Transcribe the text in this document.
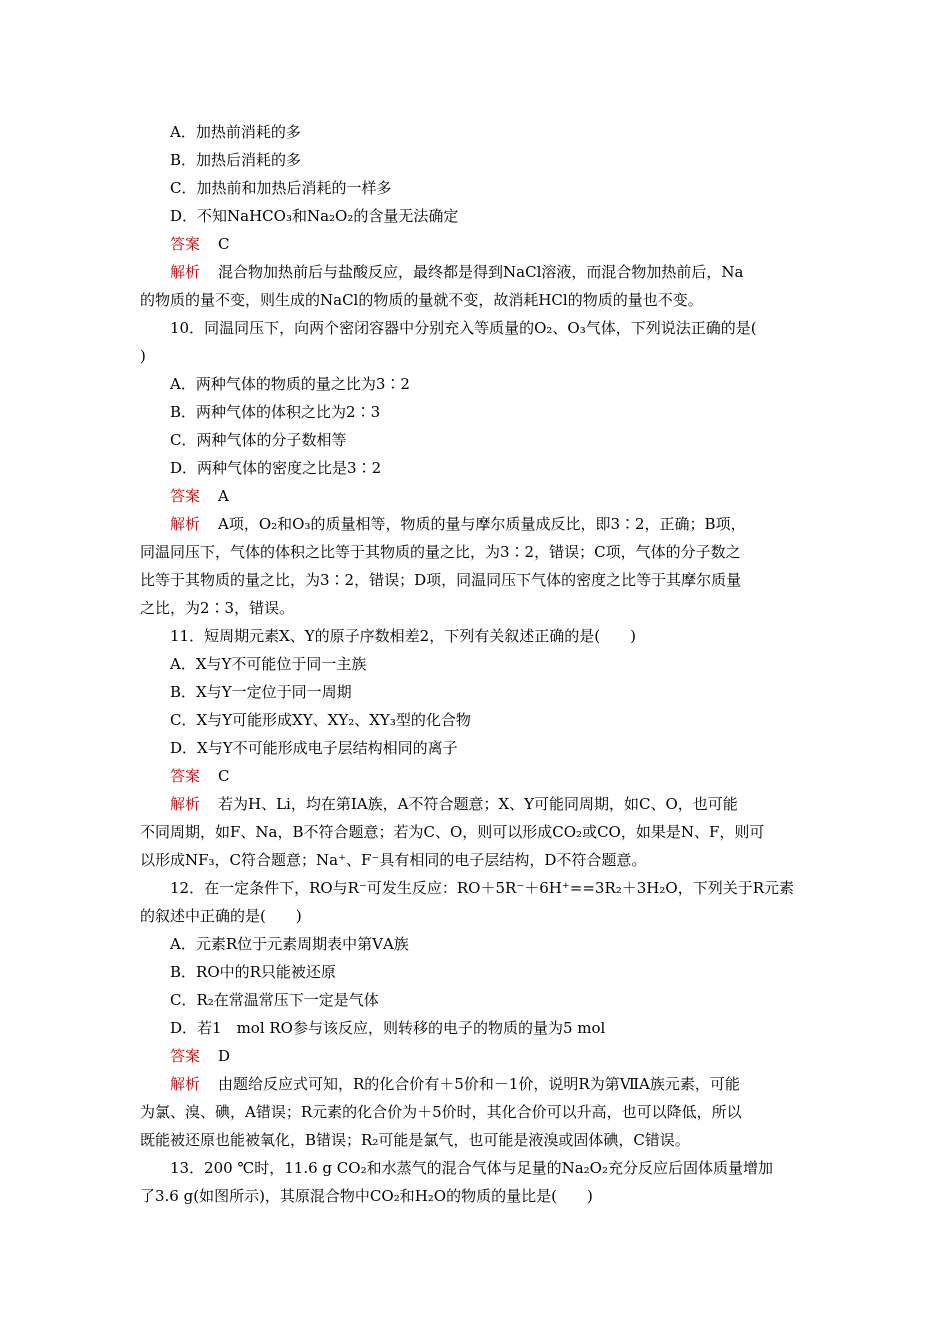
A．加热前消耗的多
B．加热后消耗的多
C．加热前和加热后消耗的一样多
D．不知NaHCO₃和Na₂O₂的含量无法确定
答案 C
解析 混合物加热前后与盐酸反应，最终都是得到NaCl溶液，而混合物加热前后，Na
的物质的量不变，则生成的NaCl的物质的量就不变，故消耗HCl的物质的量也不变。
10．同温同压下，向两个密闭容器中分别充入等质量的O₂、O₃气体，下列说法正确的是(
)
A．两种气体的物质的量之比为3∶2
B．两种气体的体积之比为2∶3
C．两种气体的分子数相等
D．两种气体的密度之比是3∶2
答案 A
解析 A项，O₂和O₃的质量相等，物质的量与摩尔质量成反比，即3∶2，正确；B项，
同温同压下，气体的体积之比等于其物质的量之比，为3∶2，错误；C项，气体的分子数之
比等于其物质的量之比，为3∶2，错误；D项，同温同压下气体的密度之比等于其摩尔质量
之比，为2∶3，错误。
11．短周期元素X、Y的原子序数相差2，下列有关叙述正确的是(　　)
A．X与Y不可能位于同一主族
B．X与Y一定位于同一周期
C．X与Y可能形成XY、XY₂、XY₃型的化合物
D．X与Y不可能形成电子层结构相同的离子
答案 C
解析 若为H、Li，均在第ⅠA族，A不符合题意；X、Y可能同周期，如C、O，也可能
不同周期，如F、Na，B不符合题意；若为C、O，则可以形成CO₂或CO，如果是N、F，则可
以形成NF₃，C符合题意；Na⁺、F⁻具有相同的电子层结构，D不符合题意。
12．在一定条件下，RO与R⁻可发生反应：RO＋5R⁻＋6H⁺==3R₂＋3H₂O，下列关于R元素
的叙述中正确的是(　　)
A．元素R位于元素周期表中第ⅤA族
B．RO中的R只能被还原
C．R₂在常温常压下一定是气体
D．若1　mol RO参与该反应，则转移的电子的物质的量为5 mol
答案 D
解析 由题给反应式可知，R的化合价有＋5价和－1价，说明R为第ⅦA族元素，可能
为氯、溴、碘，A错误；R元素的化合价为＋5价时，其化合价可以升高，也可以降低，所以
既能被还原也能被氧化，B错误；R₂可能是氯气，也可能是液溴或固体碘，C错误。
13．200 ℃时，11.6 g CO₂和水蒸气的混合气体与足量的Na₂O₂充分反应后固体质量增加
了3.6 g(如图所示)，其原混合物中CO₂和H₂O的物质的量比是(　　)
